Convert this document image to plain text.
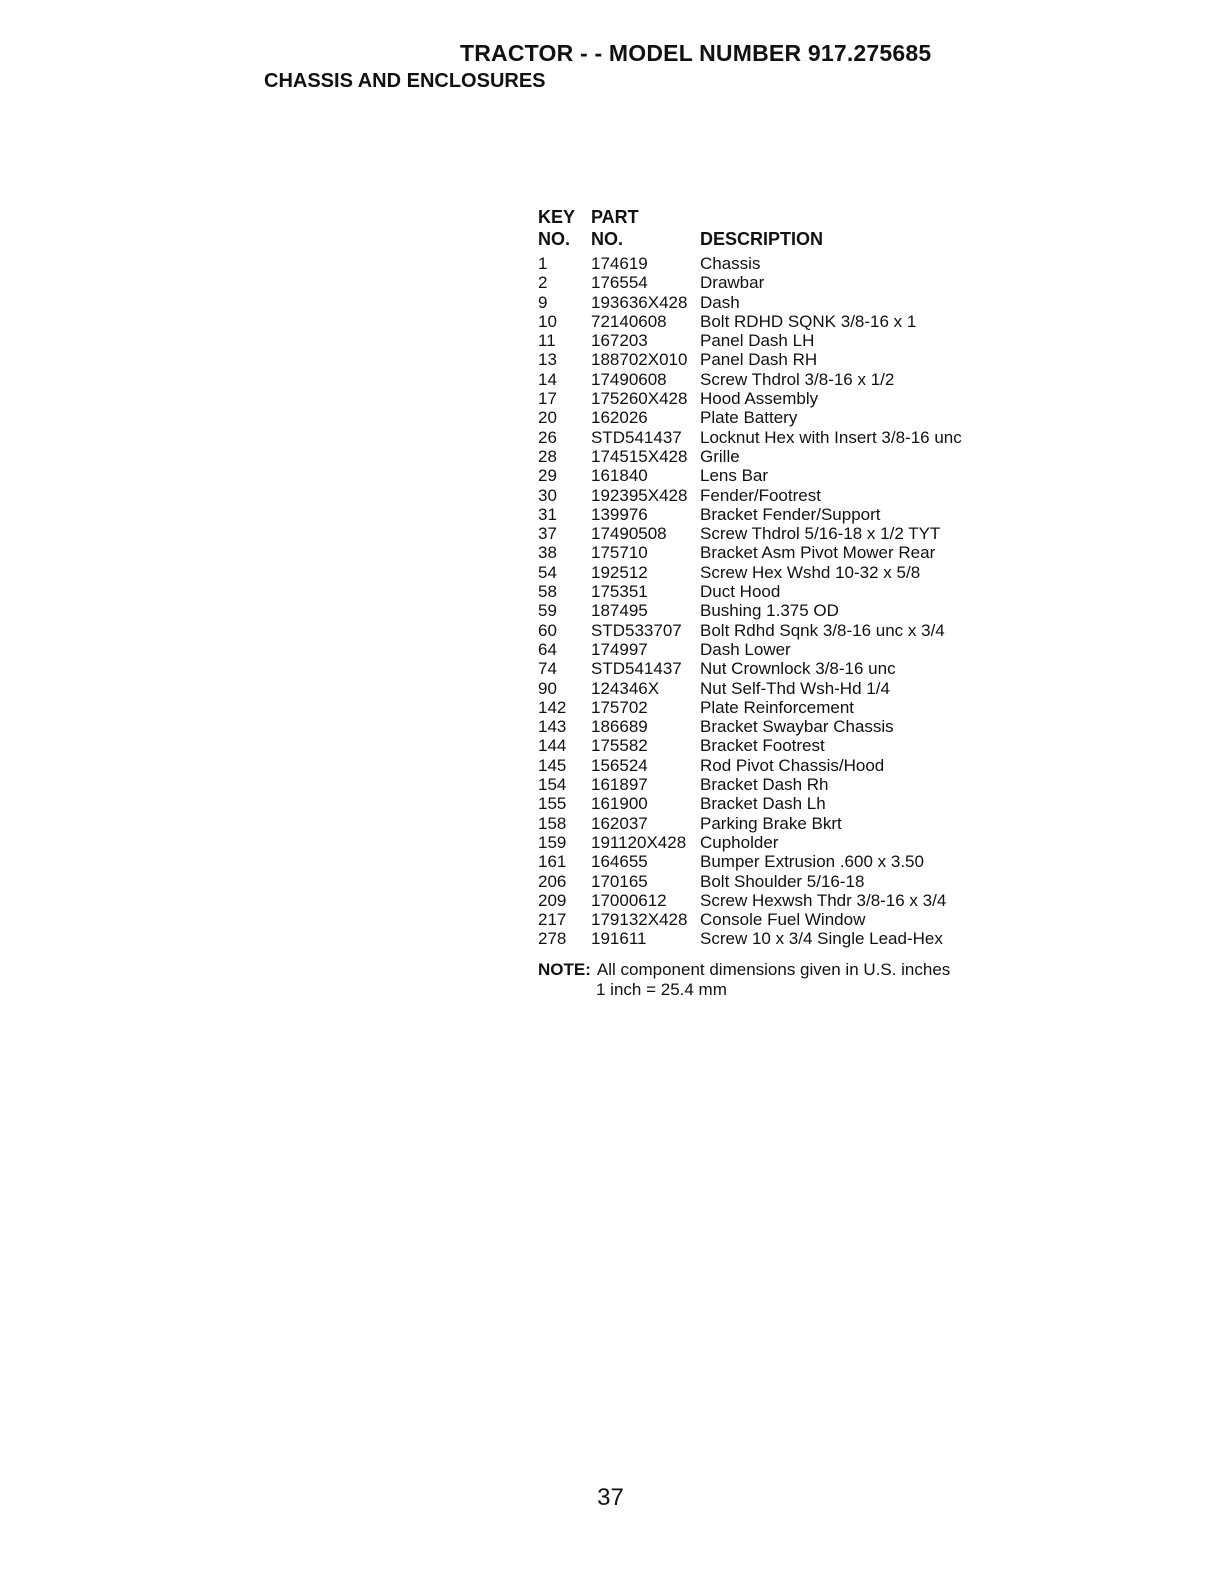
TRACTOR - - MODEL NUMBER 917.275685
CHASSIS AND ENCLOSURES
KEY
NO.
PART
NO.	DESCRIPTION
1	174619	Chassis
2	176554	Drawbar
9	193636X428 Dash
10 72140608 Bolt RDHD SQNK 3/8-16 x 1
11 167203	Panel Dash LH
13 188702X010 Panel Dash RH
14 17490608 Screw Thdrol 3/8-16 x 1/2
17 175260X428 Hood Assembly
20 162026	Plate Battery
26 STD541437 Locknut Hex with Insert 3/8-16 unc
28 174515X428 Grille
29 161840	Lens Bar
30 192395X428 Fender/Footrest
31 139976	Bracket Fender/Support
37 17490508 Screw Thdrol 5/16-18 x 1/2 TYT
38 175710	Bracket Asm Pivot Mower Rear
54 192512	Screw Hex Wshd 10-32 x 5/8
58 175351	Duct Hood
59 187495	Bushing 1.375 OD
60 STD533707 Bolt Rdhd Sqnk 3/8-16 unc x 3/4
64 174997	Dash Lower
74 STD541437 Nut Crownlock 3/8-16 unc
90 124346X Nut Self-Thd Wsh-Hd 1/4
142 175702	Plate Reinforcement
143 186689	Bracket Swaybar Chassis
144 175582	Bracket Footrest
145 156524	Rod Pivot Chassis/Hood
154 161897	Bracket Dash Rh
155 161900	Bracket Dash Lh
158 162037	Parking Brake Bkrt
159 191120X428 Cupholder
161 164655	Bumper Extrusion .600 x 3.50
206 170165	Bolt Shoulder 5/16-18
209 17000612 Screw Hexwsh Thdr 3/8-16 x 3/4
217 179132X428 Console Fuel Window
278 191611	Screw 10 x 3/4 Single Lead-Hex
NOTE: All component dimensions given in U.S. inches
1 inch = 25.4 mm
37
